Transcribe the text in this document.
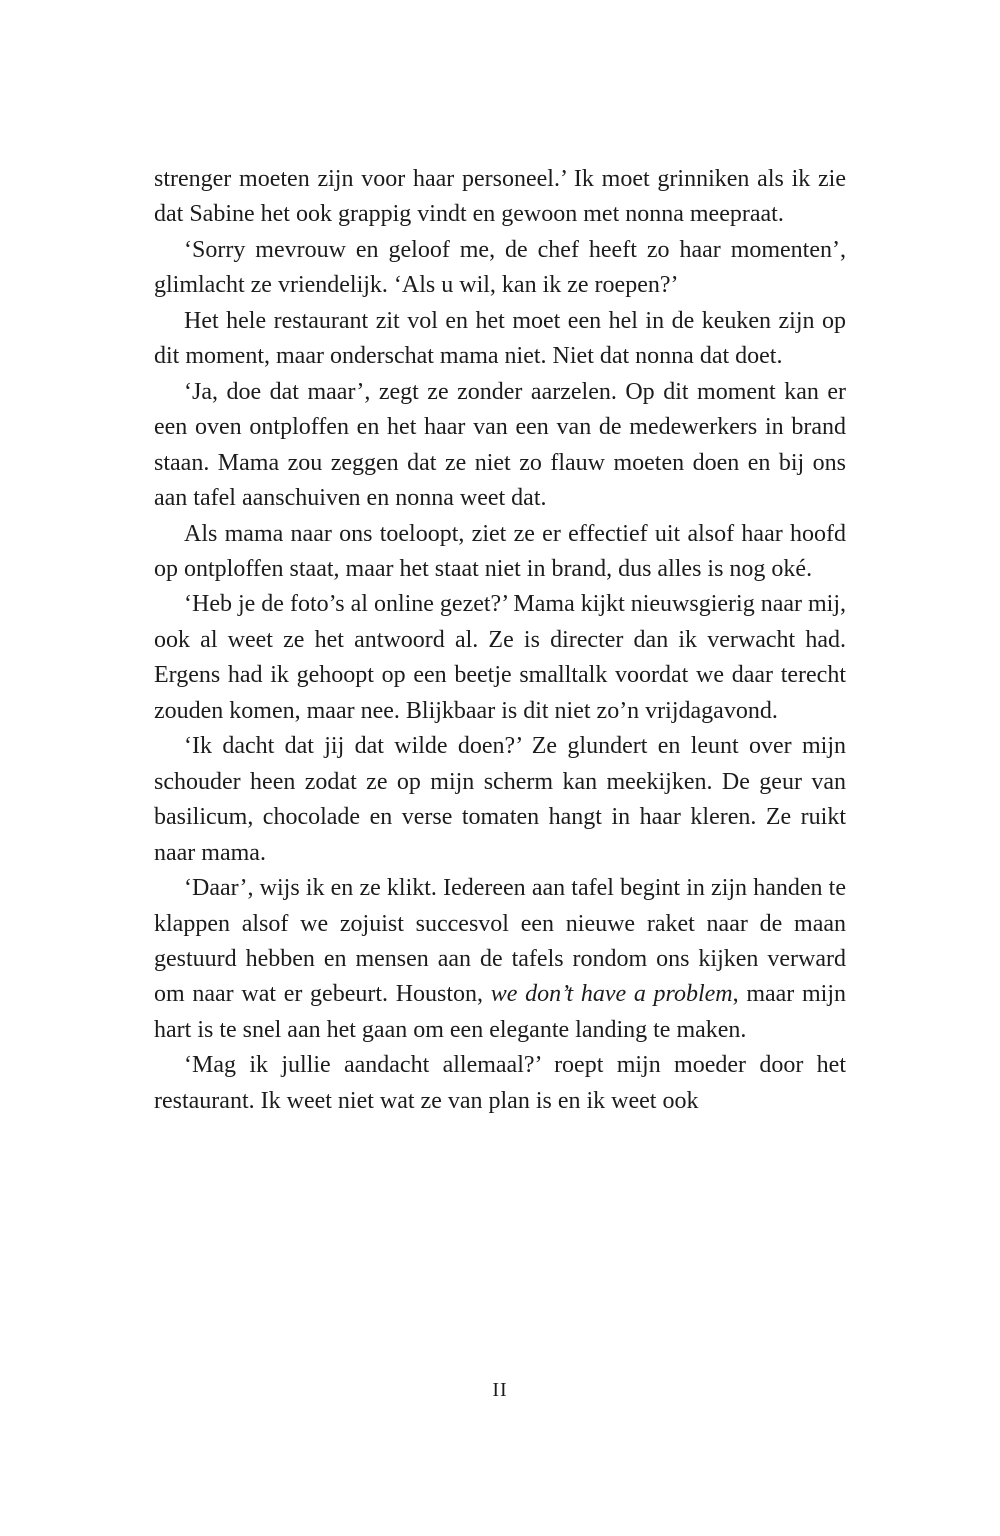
strenger moeten zijn voor haar personeel.’ Ik moet grinniken als ik zie dat Sabine het ook grappig vindt en gewoon met nonna meepraat.

‘Sorry mevrouw en geloof me, de chef heeft zo haar momenten’, glimlacht ze vriendelijk. ‘Als u wil, kan ik ze roepen?’

Het hele restaurant zit vol en het moet een hel in de keuken zijn op dit moment, maar onderschat mama niet. Niet dat nonna dat doet.

‘Ja, doe dat maar’, zegt ze zonder aarzelen. Op dit moment kan er een oven ontploffen en het haar van een van de medewerkers in brand staan. Mama zou zeggen dat ze niet zo flauw moeten doen en bij ons aan tafel aanschuiven en nonna weet dat.

Als mama naar ons toeloopt, ziet ze er effectief uit alsof haar hoofd op ontploffen staat, maar het staat niet in brand, dus alles is nog oké.

‘Heb je de foto’s al online gezet?’ Mama kijkt nieuwsgierig naar mij, ook al weet ze het antwoord al. Ze is directer dan ik verwacht had. Ergens had ik gehoopt op een beetje smalltalk voordat we daar terecht zouden komen, maar nee. Blijkbaar is dit niet zo’n vrijdagavond.

‘Ik dacht dat jij dat wilde doen?’ Ze glundert en leunt over mijn schouder heen zodat ze op mijn scherm kan meekijken. De geur van basilicum, chocolade en verse tomaten hangt in haar kleren. Ze ruikt naar mama.

‘Daar’, wijs ik en ze klikt. Iedereen aan tafel begint in zijn handen te klappen alsof we zojuist succesvol een nieuwe raket naar de maan gestuurd hebben en mensen aan de tafels rondom ons kijken verward om naar wat er gebeurt. Houston, we don’t have a problem, maar mijn hart is te snel aan het gaan om een elegante landing te maken.

‘Mag ik jullie aandacht allemaal?’ roept mijn moeder door het restaurant. Ik weet niet wat ze van plan is en ik weet ook

II
